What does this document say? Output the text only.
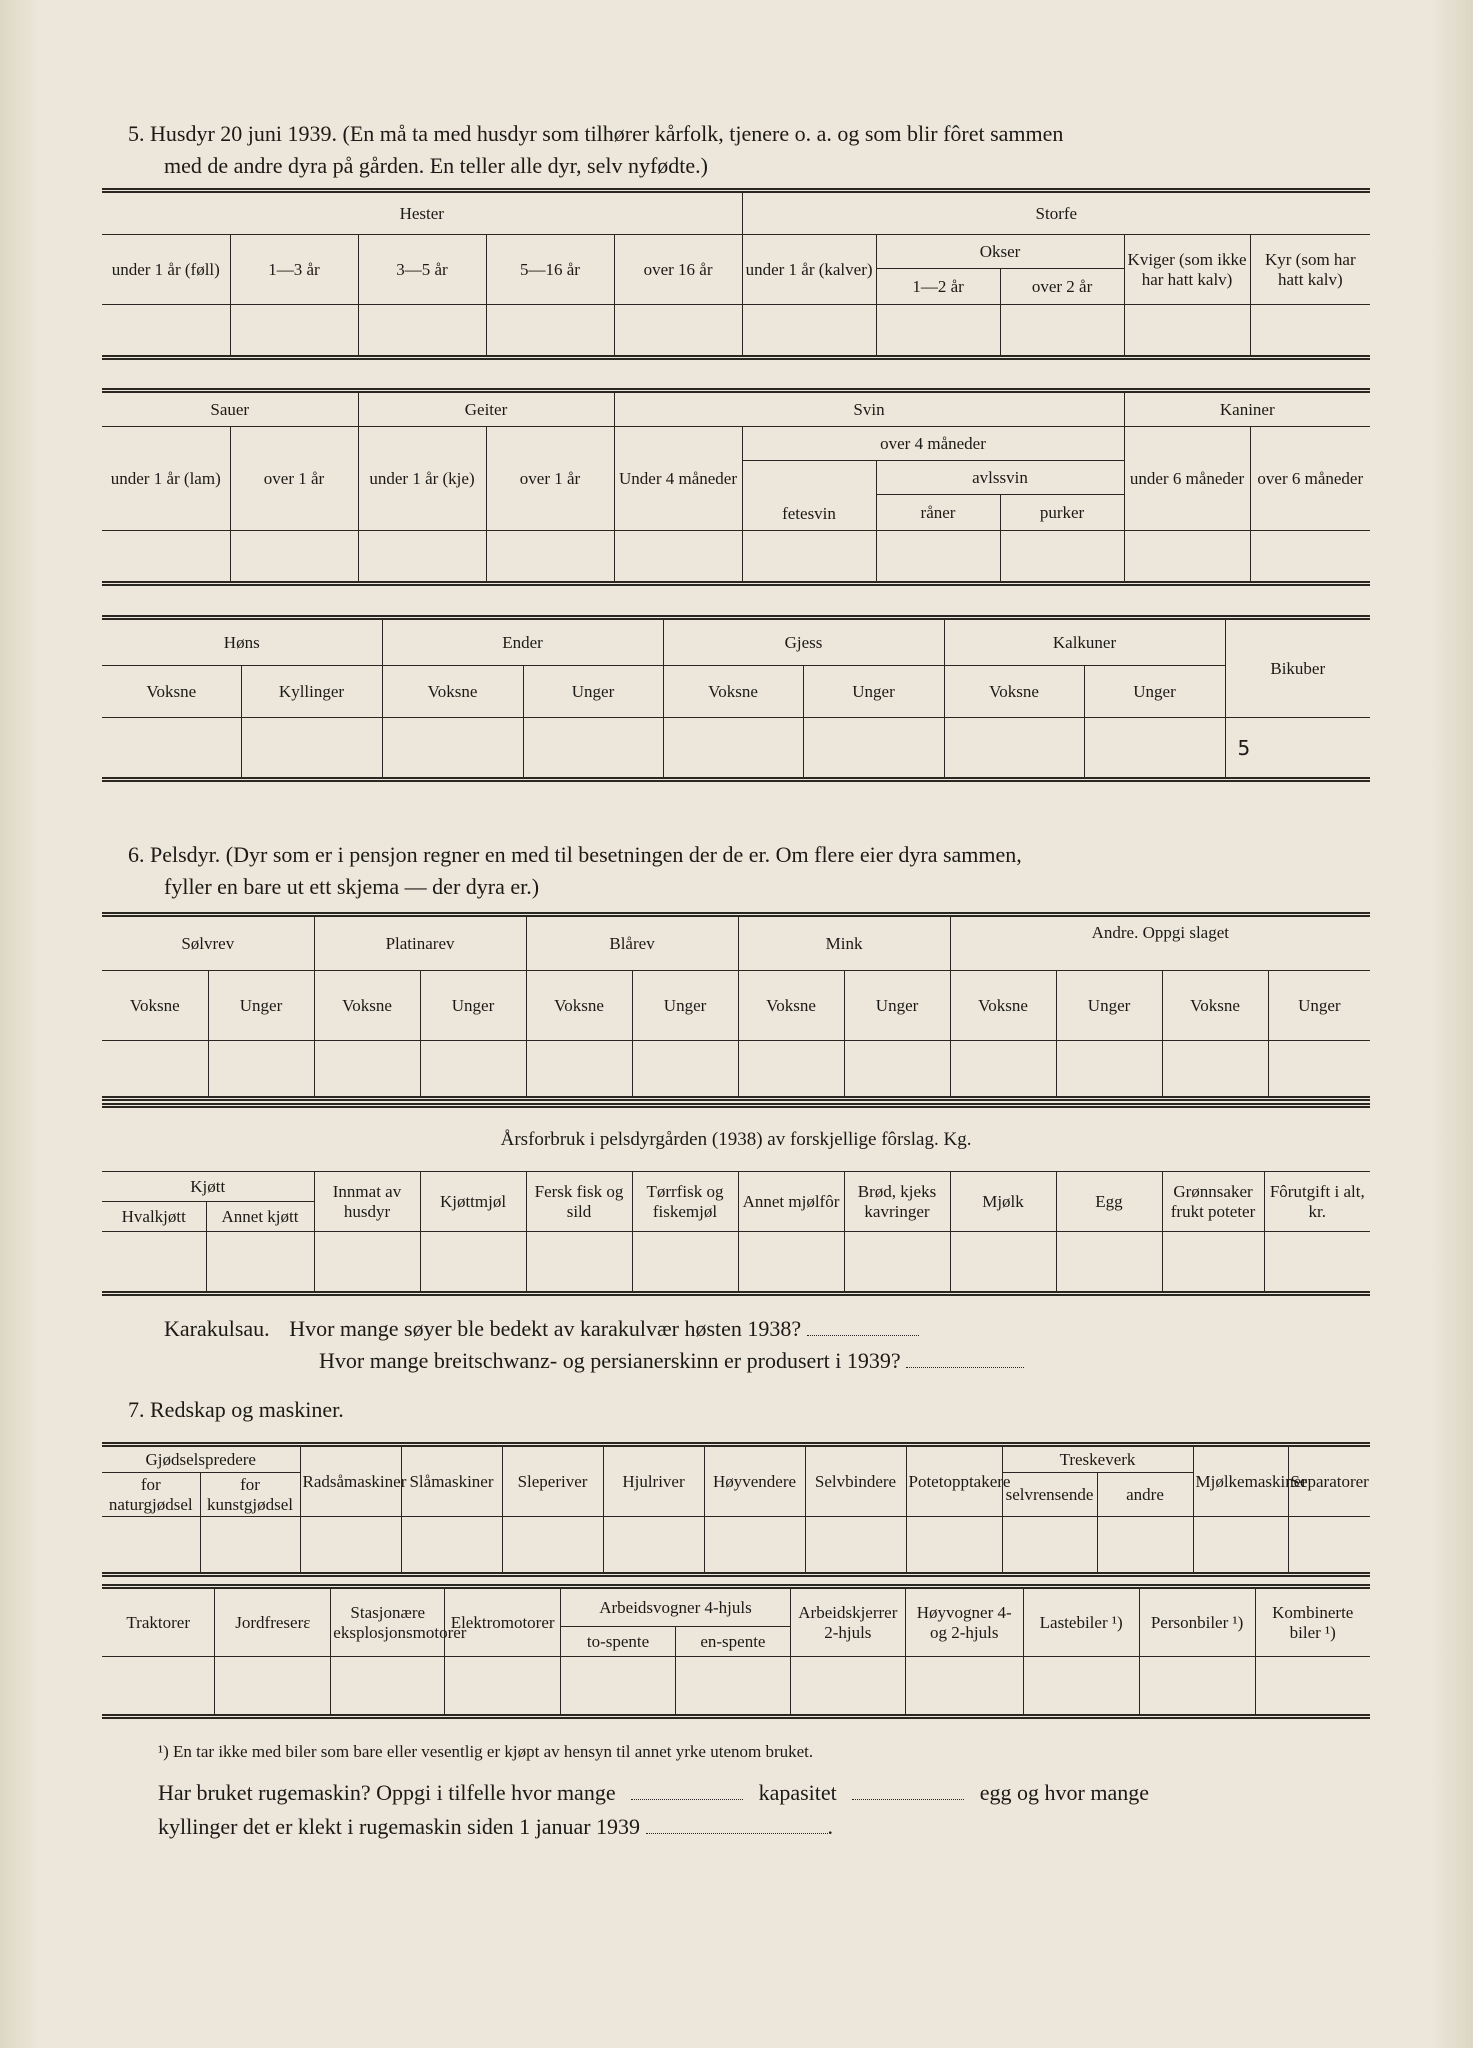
5. Husdyr 20 juni 1939. (En må ta med husdyr som tilhører kårfolk, tjenere o. a. og som blir fôret sammen
med de andre dyra på gården. En teller alle dyr, selv nyfødte.)
Hester					Storfe				
under 1 år (føll)	1—3 år	3—5 år	5—16 år	over 16 år	under 1 år (kalver)	Okser		Kviger (som ikke har hatt kalv)	Kyr (som har hatt kalv)
						1—2 år	over 2 år		

Sauer		Geiter		Svin				Kaniner	
under 1 år (lam)	over 1 år	under 1 år (kje)	over 1 år	Under 4 måneder	over 4 måneder			under 6 måneder	over 6 måneder
					fetesvin	avlssvin			
						råner	purker		

Høns		Ender		Gjess		Kalkuner		Bikuber
Voksne	Kyllinger	Voksne	Unger	Voksne	Unger	Voksne	Unger	
								5
6. Pelsdyr. (Dyr som er i pensjon regner en med til besetningen der de er. Om flere eier dyra sammen,
fyller en bare ut ett skjema — der dyra er.)
Sølvrev		Platinarev		Blårev		Mink		Andre. Oppgi slaget			
Voksne	Unger	Voksne	Unger	Voksne	Unger	Voksne	Unger	Voksne	Unger	Voksne	Unger

Årsforbruk i pelsdyrgården (1938) av forskjellige fôrslag. Kg.											
Kjøtt		Innmat av husdyr	Kjøttmjøl	Fersk fisk og sild	Tørrfisk og fiskemjøl	Annet mjølfôr	Brød, kjeks kavringer	Mjølk	Egg	Grønnsaker frukt poteter	Fôrutgift i alt, kr.
Hvalkjøtt	Annet kjøtt										

Karakulsau. Hvor mange søyer ble bedekt av karakulvær høsten 1938?
Hvor mange breitschwanz- og persianerskinn er produsert i 1939?
7. Redskap og maskiner.
Gjødselspredere		Radsåmaskiner	Slåmaskiner	Sleperiver	Hjulriver	Høyvendere	Selvbindere	Potetopptakere	Treskeverk		Mjølkemaskiner	Separatorer
for naturgjødsel	for kunstgjødsel								selvrensende	andre		

Traktorer	Jordfreserε	Stasjonære eksplosjonsmotorer	Elektromotorer	Arbeidsvogner 4-hjuls		Arbeidskjerrer 2-hjuls	Høyvogner 4- og 2-hjuls	Lastebiler ¹)	Personbiler ¹)	Kombinerte biler ¹)
				to-spente	en-spente					

¹) En tar ikke med biler som bare eller vesentlig er kjøpt av hensyn til annet yrke utenom bruket.
Har bruket rugemaskin? Oppgi i tilfelle hvor mange	kapasitet	egg og hvor mange
kyllinger det er klekt i rugemaskin siden 1 januar 1939	.
